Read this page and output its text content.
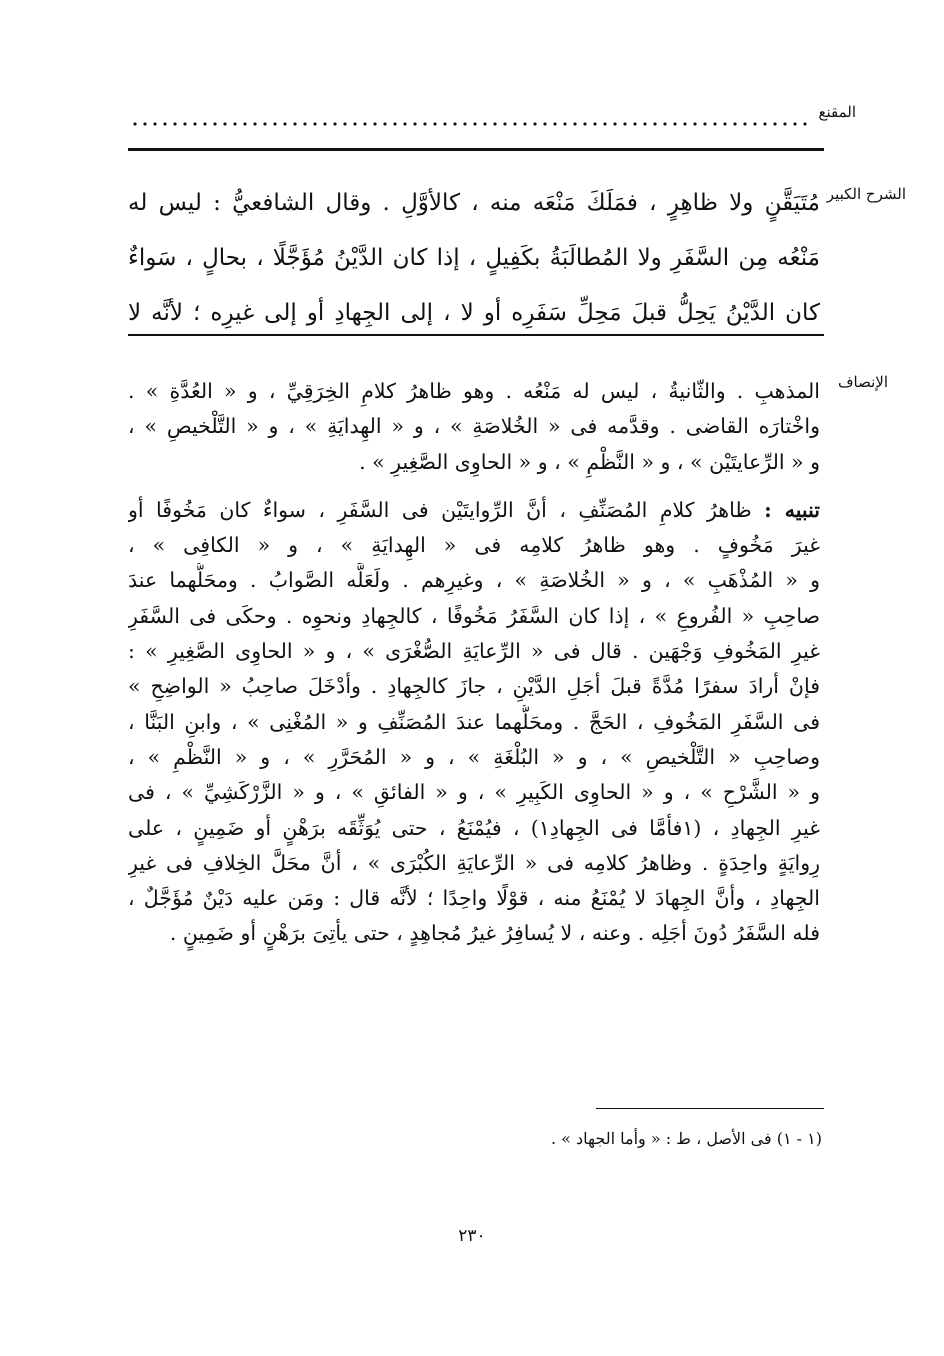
المقنع
الشرح الكبير
مُتَيَقَّنٍ ولا ظاهِرٍ ، فمَلَكَ مَنْعَه منه ، كالأوَّلِ . وقال الشافعيُّ : ليس له
مَنْعُه مِن السَّفَرِ ولا المُطالَبَةُ بكَفِيلٍ ، إذا كان الدَّيْنُ مُؤَجَّلًا ، بحالٍ ، سَواءٌ
كان الدَّيْنُ يَحِلُّ قبلَ مَحِلِّ سَفَرِه أو لا ، إلى الجِهادِ أو إلى غيرِه ؛ لأنَّه لا
الإنصاف
المذهبِ . والثّانيةُ ، ليس له مَنْعُه . وهو ظاهرُ كلامِ الخِرَقِيِّ ، و « العُدَّةِ » .
واخْتارَه القاضى . وقدَّمه فى « الخُلاصَةِ » ، و « الهِدايَةِ » ، و « التَّلْخيصِ » ،
و « الرِّعايتَيْن » ، و « النَّظْمِ » ، و « الحاوِى الصَّغِيرِ » .
تنبيه : ظاهرُ كلامِ المُصَنِّفِ ، أنَّ الرِّوايتَيْن فى السَّفَرِ ، سواءٌ كان مَخُوفًا أو
غيرَ مَخُوفٍ . وهو ظاهرُ كلامِه فى « الهِدايَةِ » ، و « الكافِى » ،
و « المُذْهَبِ » ، و « الخُلاصَةِ » ، وغيرِهم . ولَعَلَّه الصَّوابُ . ومحَلُّهما عندَ
صاحِبِ « الفُروعِ » ، إذا كان السَّفَرُ مَخُوفًا ، كالجِهادِ ونحوِه . وحكَى فى السَّفَرِ
غيرِ المَخُوفِ وَجْهَين . قال فى « الرِّعايَةِ الصُّغْرَى » ، و « الحاوِى الصَّغِيرِ » :
فإنْ أرادَ سفرًا مُدَّةً قبلَ أجَلِ الدَّيْنِ ، جازَ كالجِهادِ . وأدْخَلَ صاحِبُ « الواضِحِ »
فى السَّفَرِ المَخُوفِ ، الحَجَّ . ومحَلُّهما عندَ المُصَنِّفِ و « المُغْنِى » ، وابنِ البَنَّا ،
وصاحِبِ « التَّلْخيصِ » ، و « البُلْغَةِ » ، و « المُحَرَّرِ » ، و « النَّظْمِ » ،
و « الشَّرْحِ » ، و « الحاوِى الكَبِيرِ » ، و « الفائقِ » ، و « الزَّرْكَشِيِّ » ، فى
غيرِ الجِهادِ ، (١فأمَّا فى الجِهادِ١) ، فيُمْنَعُ ، حتى يُوَثِّقَه برَهْنٍ أو ضَمِينٍ ، على
رِوايَةٍ واحِدَةٍ . وظاهرُ كلامِه فى « الرِّعايَةِ الكُبْرَى » ، أنَّ محَلَّ الخِلافِ فى غيرِ
الجِهادِ ، وأنَّ الجِهادَ لا يُمْنَعُ منه ، قوْلًا واحِدًا ؛ لأنَّه قال : ومَن عليه دَيْنٌ مُؤَجَّلٌ ،
فله السَّفَرُ دُونَ أجَلِه . وعنه ، لا يُسافِرُ غيرُ مُجاهِدٍ ، حتى يأتِىَ برَهْنٍ أو ضَمِينٍ .
(١ - ١) فى الأصل ، ط : « وأما الجهاد » .
٢٣٠
